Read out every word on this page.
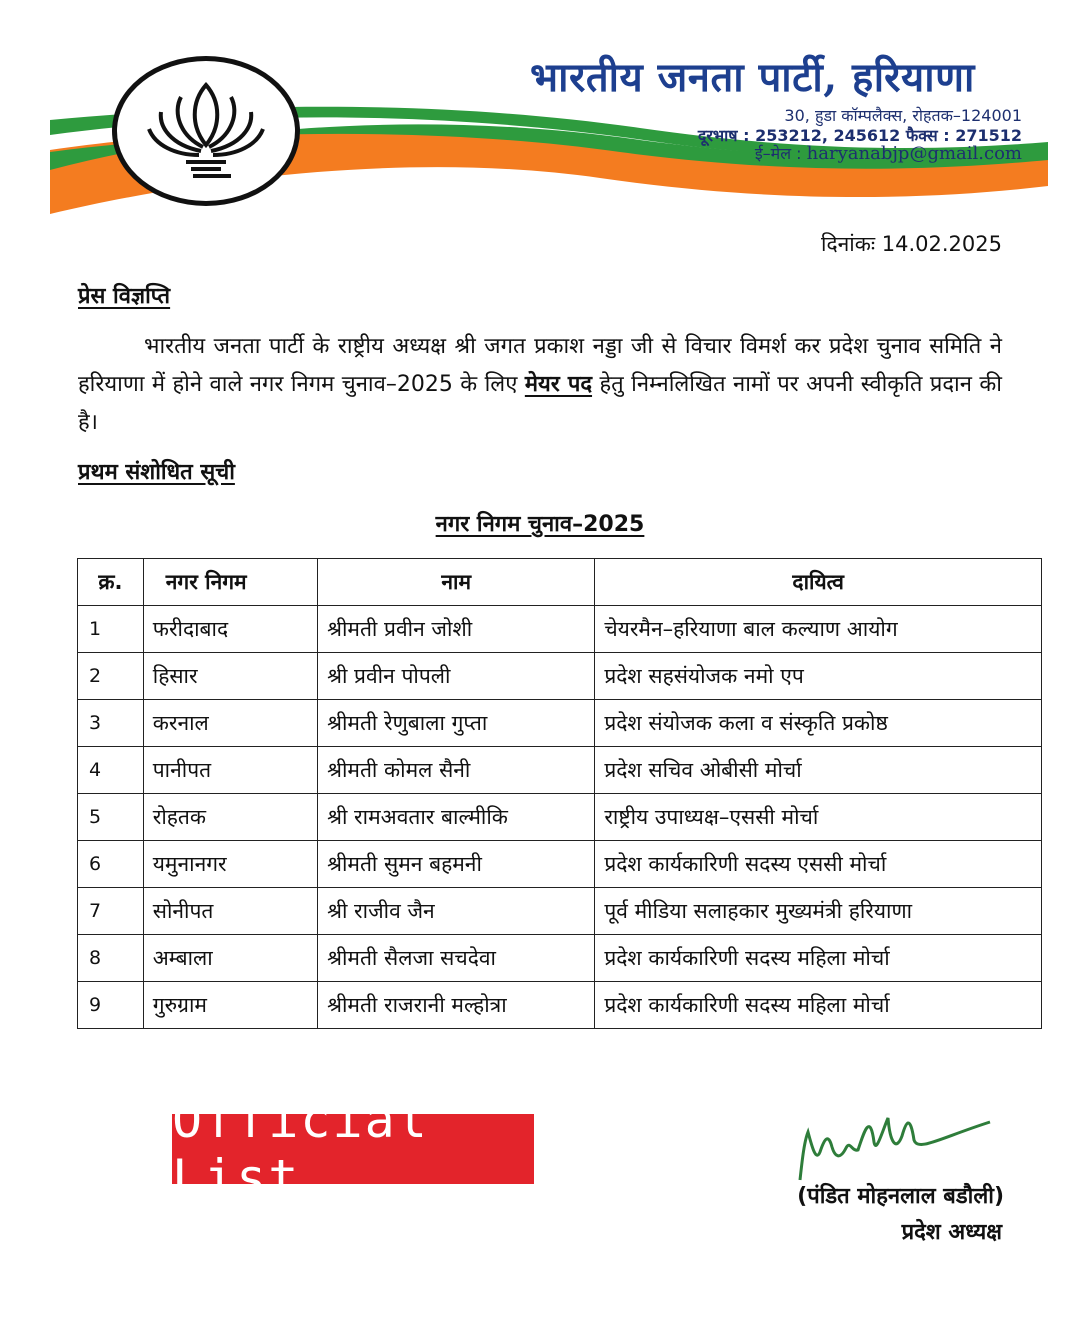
भारतीय जनता पार्टी, हरियाणा
30, हुडा कॉम्पलैक्स, रोहतक–124001
दूरभाष : 253212, 245612 फैक्स : 271512
ई–मेल : haryanabjp@gmail.com
दिनांकः 14.02.2025
प्रेस विज्ञप्ति
भारतीय जनता पार्टी के राष्ट्रीय अध्यक्ष श्री जगत प्रकाश नड्डा जी से विचार विमर्श कर प्रदेश चुनाव समिति ने हरियाणा में होने वाले नगर निगम चुनाव–2025 के लिए मेयर पद हेतु निम्नलिखित नामों पर अपनी स्वीकृति प्रदान की है।
प्रथम संशोधित सूची
नगर निगम चुनाव–2025
क्र.	नगर निगम	नाम	दायित्व
1	फरीदाबाद	श्रीमती प्रवीन जोशी	चेयरमैन–हरियाणा बाल कल्याण आयोग
2	हिसार	श्री प्रवीन पोपली	प्रदेश सहसंयोजक नमो एप
3	करनाल	श्रीमती रेणुबाला गुप्ता	प्रदेश संयोजक कला व संस्कृति प्रकोष्ठ
4	पानीपत	श्रीमती कोमल सैनी	प्रदेश सचिव ओबीसी मोर्चा
5	रोहतक	श्री रामअवतार बाल्मीकि	राष्ट्रीय उपाध्यक्ष–एससी मोर्चा
6	यमुनानगर	श्रीमती सुमन बहमनी	प्रदेश कार्यकारिणी सदस्य एससी मोर्चा
7	सोनीपत	श्री राजीव जैन	पूर्व मीडिया सलाहकार मुख्यमंत्री हरियाणा
8	अम्बाला	श्रीमती सैलजा सचदेवा	प्रदेश कार्यकारिणी सदस्य महिला मोर्चा
9	गुरुग्राम	श्रीमती राजरानी मल्होत्रा	प्रदेश कार्यकारिणी सदस्य महिला मोर्चा
Official List	(पंडित मोहनलाल बडौली)
प्रदेश अध्यक्ष
